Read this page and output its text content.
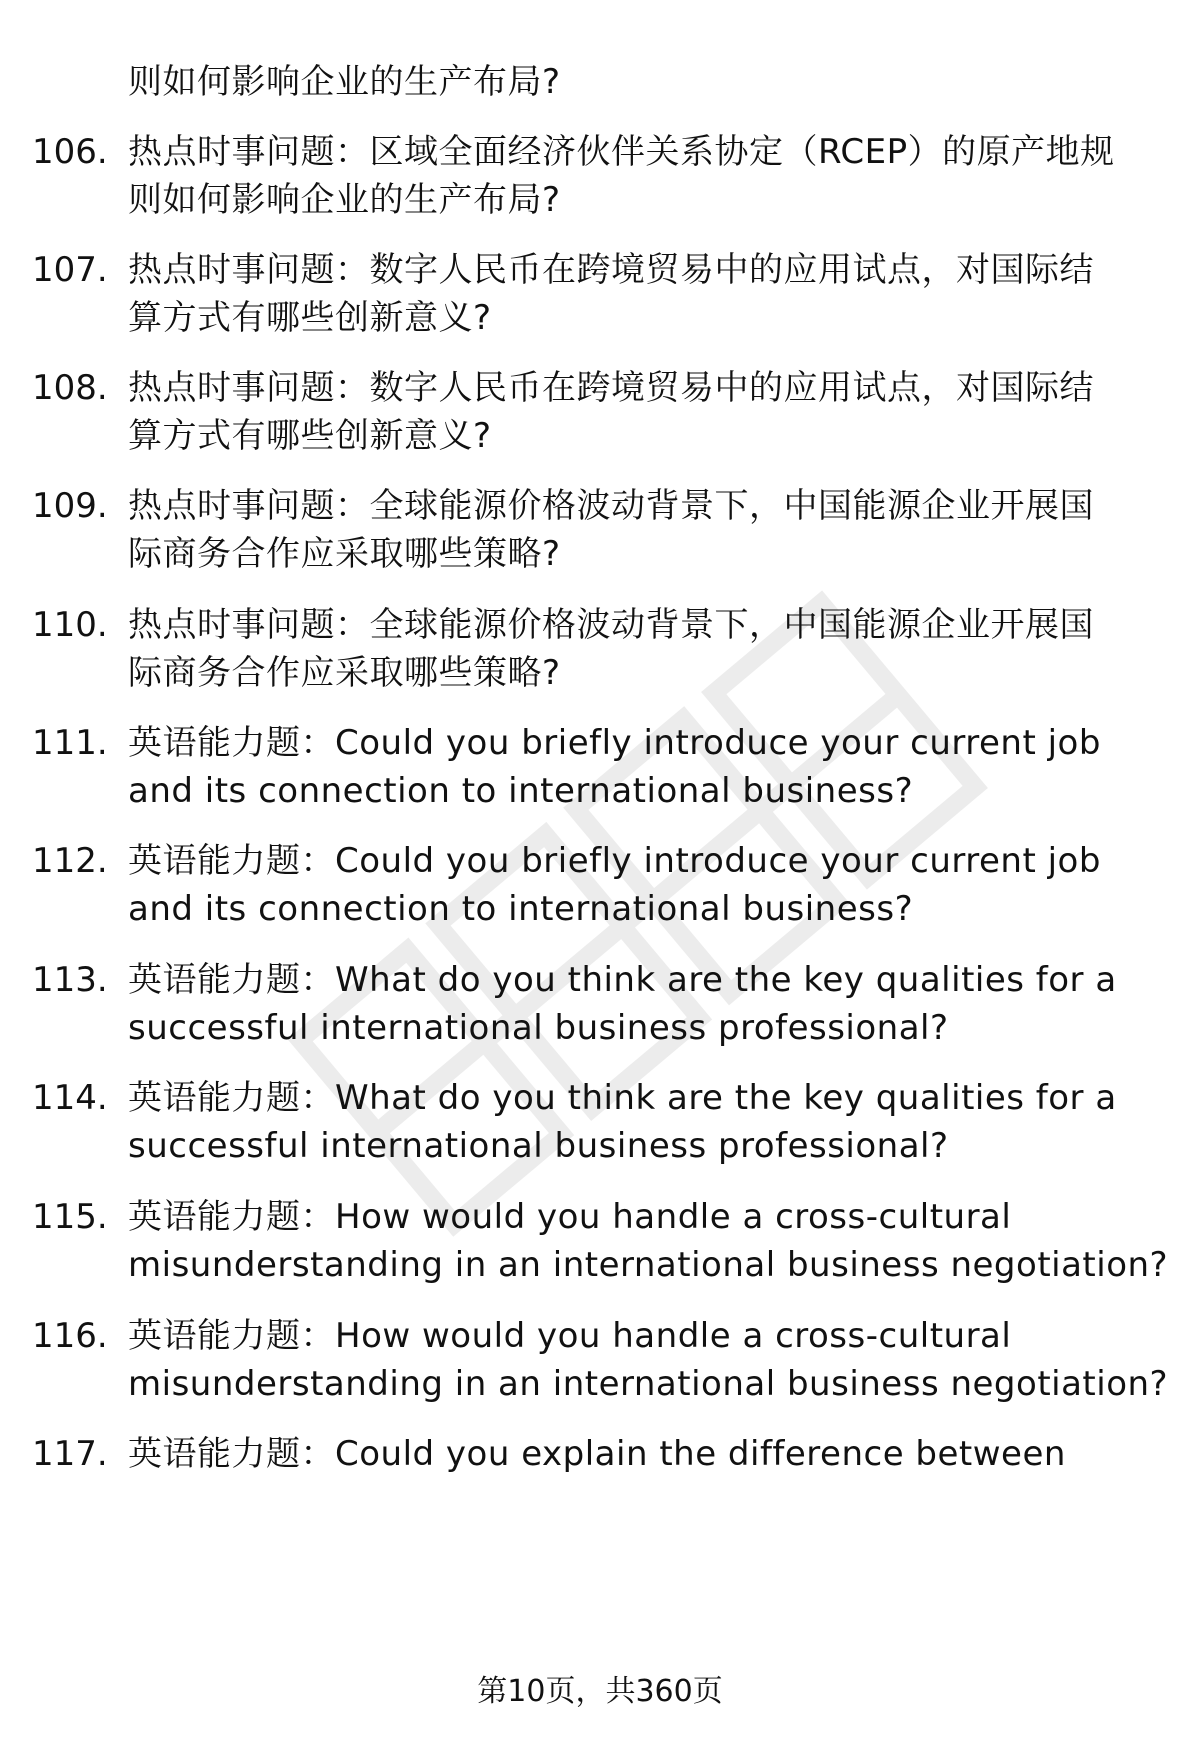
则如何影响企业的生产布局?
106. 热点时事问题：区域全面经济伙伴关系协定（RCEP）的原产地规
则如何影响企业的生产布局?
107. 热点时事问题：数字人民币在跨境贸易中的应用试点，对国际结
算方式有哪些创新意义?
108. 热点时事问题：数字人民币在跨境贸易中的应用试点，对国际结
算方式有哪些创新意义?
109. 热点时事问题：全球能源价格波动背景下，中国能源企业开展国
际商务合作应采取哪些策略?
110. 热点时事问题：全球能源价格波动背景下，中国能源企业开展国
际商务合作应采取哪些策略?
111. 英语能力题：Could you briefly introduce your current job
and its connection to international business?
112. 英语能力题：Could you briefly introduce your current job
and its connection to international business?
113. 英语能力题：What do you think are the key qualities for a
successful international business professional?
114. 英语能力题：What do you think are the key qualities for a
successful international business professional?
115. 英语能力题：How would you handle a cross-cultural
misunderstanding in an international business negotiation?
116. 英语能力题：How would you handle a cross-cultural
misunderstanding in an international business negotiation?
117. 英语能力题：Could you explain the difference between
第10页，共360页
